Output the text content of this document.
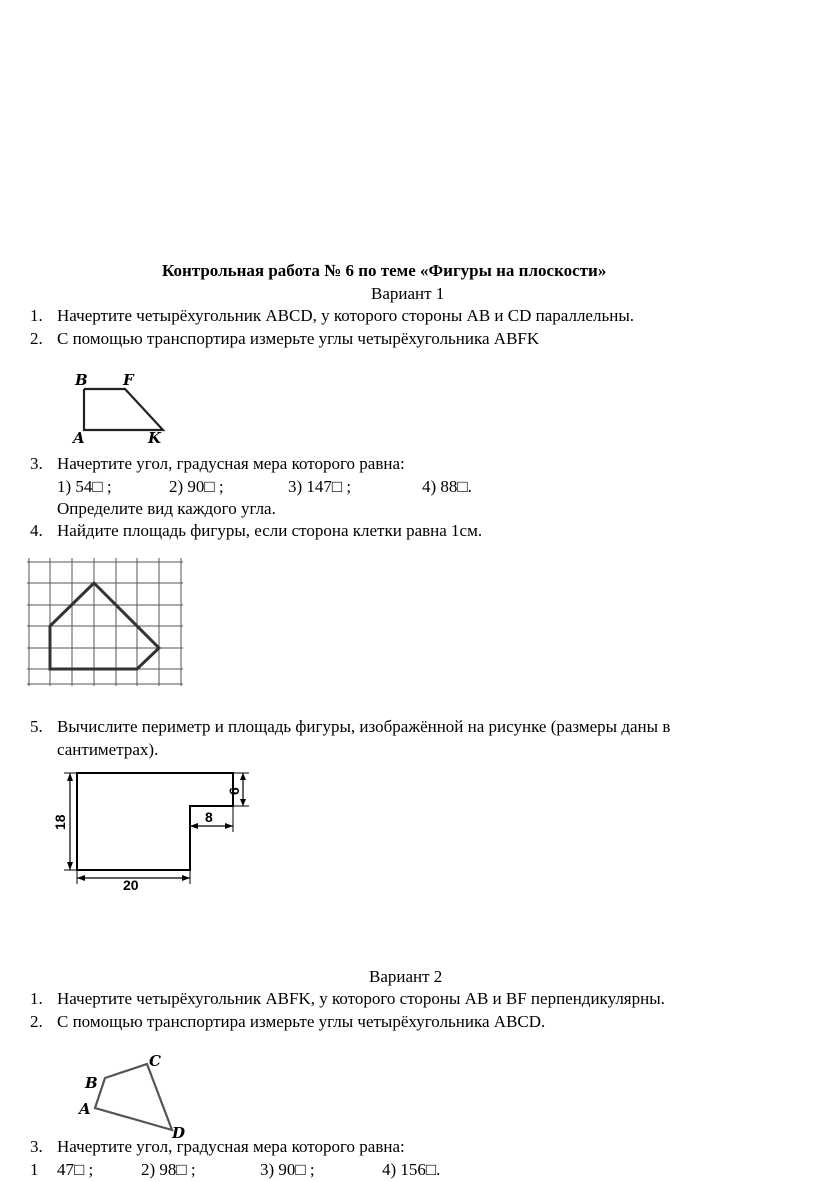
Контрольная работа № 6 по теме «Фигуры на плоскости»
Вариант 1
1. Начертите четырёхугольник ABCD, у которого стороны AB и CD параллельны.
2. С помощью транспортира измерьте углы четырёхугольника ABFK
B F
A	K
3. Начертите угол, градусная мера которого равна:
1) 54□ ;	2) 90□ ;	3) 147□ ;	4) 88□.
Определите вид каждого угла.
4. Найдите площадь фигуры, если сторона клетки равна 1см.
5. Вычислите периметр и площадь фигуры, изображённой на рисунке (размеры даны в
сантиметрах).
18
20
6
8
Вариант 2
1. Начертите четырёхугольник ABFK, у которого стороны AB и BF перпендикулярны.
2. С помощью транспортира измерьте углы четырёхугольника ABCD.
B
C
A
D
3. Начертите угол, градусная мера которого равна:
1 47□ ;	2) 98□ ;	3) 90□ ;	4) 156□.
